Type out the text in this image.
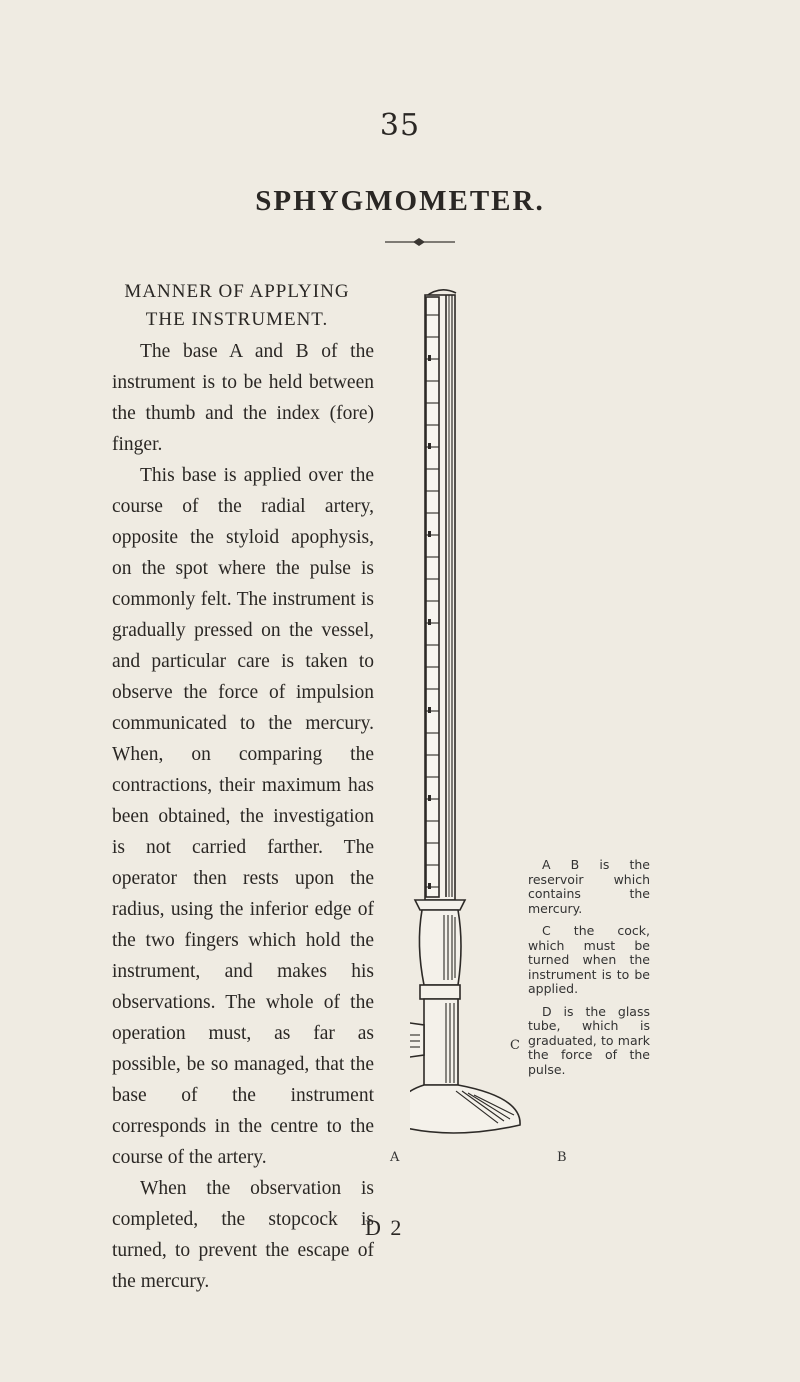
35
SPHYGMOMETER.
MANNER OF APPLYING
THE INSTRUMENT.

The base A and B of the instrument is to be held between the thumb and the index (fore) finger.

This base is applied over the course of the radial artery, opposite the styloid apophysis, on the spot where the pulse is commonly felt. The instrument is gradually pressed on the vessel, and particular care is taken to observe the force of impulsion communicated to the mercury. When, on comparing the contractions, their maximum has been obtained, the investigation is not carried farther. The operator then rests upon the radius, using the inferior edge of the two fingers which hold the instrument, and makes his observations. The whole of the operation must, as far as possible, be so managed, that the base of the instrument corresponds in the centre to the course of the artery.

When the observation is completed, the stopcock is turned, to prevent the escape of the mercury.

A	B
C

A B is the reservoir which contains the mercury.

C the cock, which must be turned when the instrument is to be applied.

D is the glass tube, which is graduated, to mark the force of the pulse.

D 2
